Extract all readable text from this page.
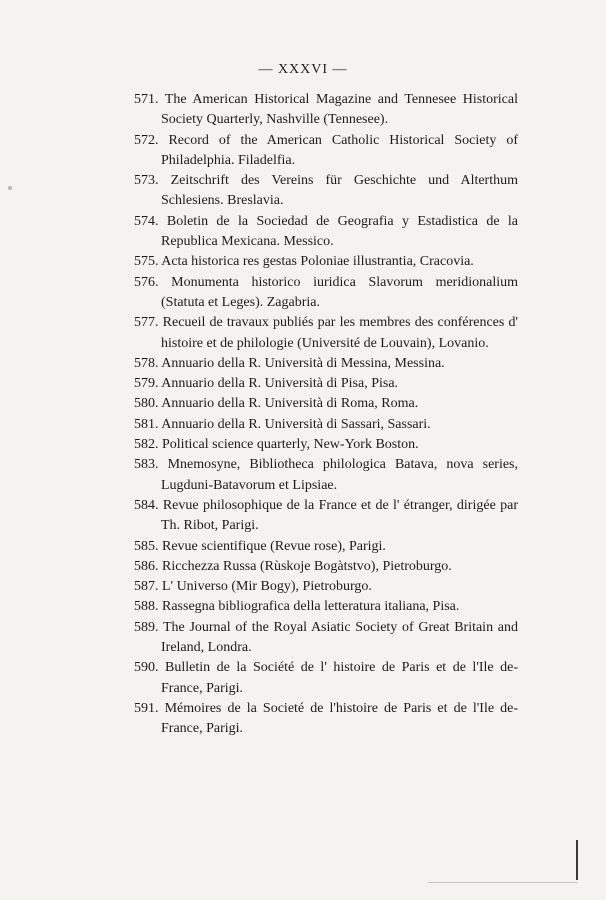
— XXXVI —
571. The American Historical Magazine and Tennesee Historical Society Quarterly, Nashville (Tennesee).
572. Record of the American Catholic Historical Society of Philadelphia. Filadelfia.
573. Zeitschrift des Vereins für Geschichte und Alterthum Schlesiens. Breslavia.
574. Boletin de la Sociedad de Geografia y Estadistica de la Republica Mexicana. Messico.
575. Acta historica res gestas Poloniae illustrantia, Cracovia.
576. Monumenta historico iuridica Slavorum meridionalium (Statuta et Leges). Zagabria.
577. Recueil de travaux publiés par les membres des conférences d' histoire et de philologie (Université de Louvain), Lovanio.
578. Annuario della R. Università di Messina, Messina.
579. Annuario della R. Università di Pisa, Pisa.
580. Annuario della R. Università di Roma, Roma.
581. Annuario della R. Università di Sassari, Sassari.
582. Political science quarterly, New-York Boston.
583. Mnemosyne, Bibliotheca philologica Batava, nova series, Lugduni-Batavorum et Lipsiae.
584. Revue philosophique de la France et de l' étranger, dirigée par Th. Ribot, Parigi.
585. Revue scientifique (Revue rose), Parigi.
586. Ricchezza Russa (Rùskoje Bogàtstvo), Pietroburgo.
587. L' Universo (Mir Bogy), Pietroburgo.
588. Rassegna bibliografica della letteratura italiana, Pisa.
589. The Journal of the Royal Asiatic Society of Great Britain and Ireland, Londra.
590. Bulletin de la Société de l' histoire de Paris et de l'Ile de-France, Parigi.
591. Mémoires de la Societé de l'histoire de Paris et de l'Ile de-France, Parigi.
